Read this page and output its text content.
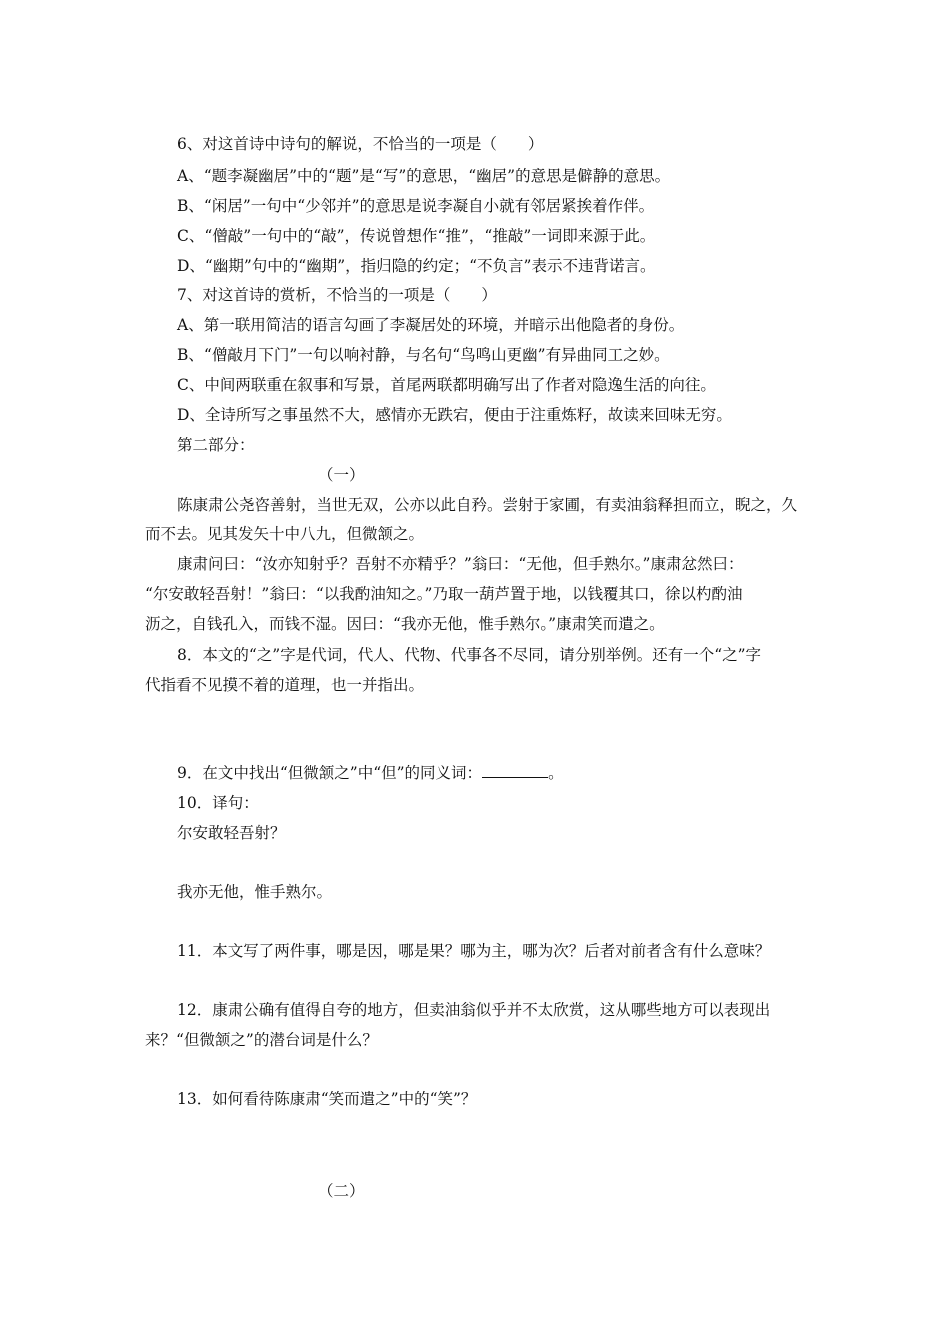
6、对这首诗中诗句的解说，不恰当的一项是（　　）
A、“题李凝幽居”中的“题”是“写”的意思，“幽居”的意思是僻静的意思。
B、“闲居”一句中“少邻并”的意思是说李凝自小就有邻居紧挨着作伴。
C、“僧敲”一句中的“敲”，传说曾想作“推”，“推敲”一词即来源于此。
D、“幽期”句中的“幽期”，指归隐的约定；“不负言”表示不违背诺言。
7、对这首诗的赏析，不恰当的一项是（　　）
A、第一联用简洁的语言勾画了李凝居处的环境，并暗示出他隐者的身份。
B、“僧敲月下门”一句以响衬静，与名句“鸟鸣山更幽”有异曲同工之妙。
C、中间两联重在叙事和写景，首尾两联都明确写出了作者对隐逸生活的向往。
D、全诗所写之事虽然不大，感情亦无跌宕，便由于注重炼籽，故读来回味无穷。
第二部分：
（一）
陈康肃公尧咨善射，当世无双，公亦以此自矜。尝射于家圃，有卖油翁释担而立，睨之，久
而不去。见其发矢十中八九，但微颔之。
康肃问曰：“汝亦知射乎？吾射不亦精乎？”翁曰：“无他，但手熟尔。”康肃忿然曰：
“尔安敢轻吾射！”翁曰：“以我酌油知之。”乃取一葫芦置于地，以钱覆其口，徐以杓酌油
沥之，自钱孔入，而钱不湿。因曰：“我亦无他，惟手熟尔。”康肃笑而遣之。
8．本文的“之”字是代词，代人、代物、代事各不尽同，请分别举例。还有一个“之”字
代指看不见摸不着的道理，也一并指出。
9．在文中找出“但微颔之”中“但”的同义词：	。
10．译句：
尔安敢轻吾射？
我亦无他，惟手熟尔。
11．本文写了两件事，哪是因，哪是果？哪为主，哪为次？后者对前者含有什么意味？
12．康肃公确有值得自夸的地方，但卖油翁似乎并不太欣赏，这从哪些地方可以表现出
来？“但微颔之”的潜台词是什么？
13．如何看待陈康肃“笑而遣之”中的“笑”？
（二）
